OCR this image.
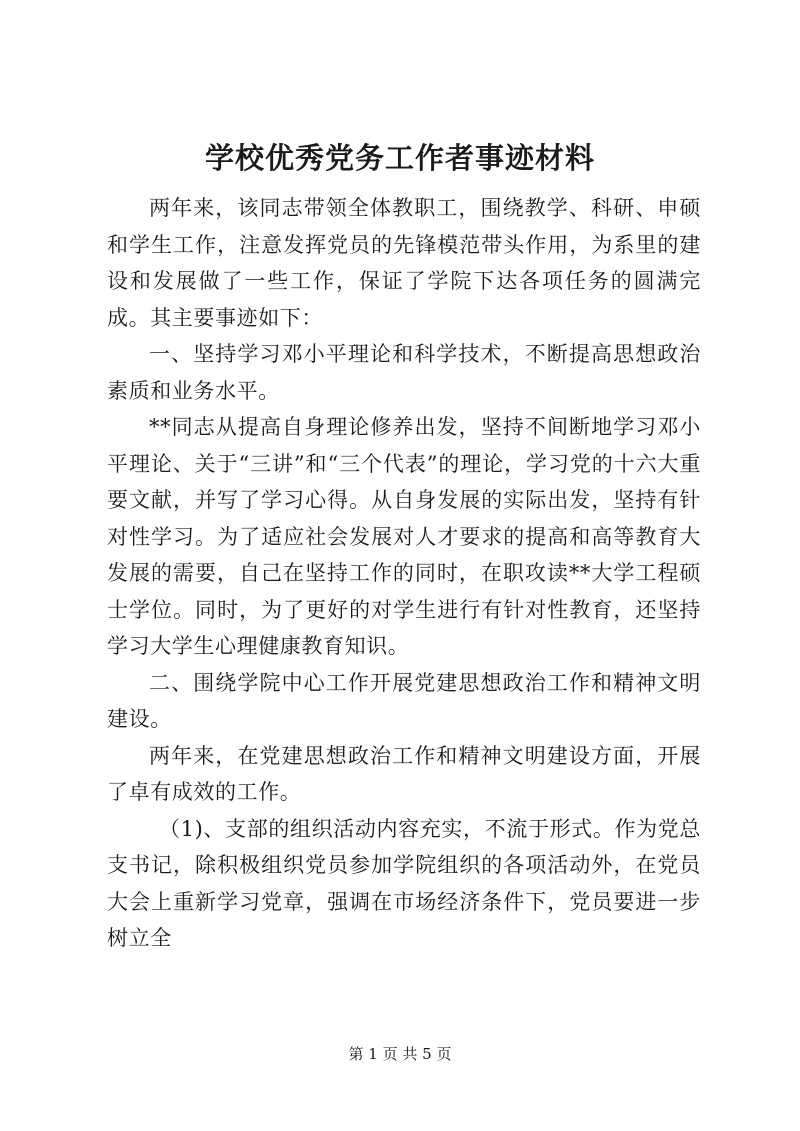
学校优秀党务工作者事迹材料

两年来，该同志带领全体教职工，围绕教学、科研、申硕和学生工作，注意发挥党员的先锋模范带头作用，为系里的建设和发展做了一些工作，保证了学院下达各项任务的圆满完成。其主要事迹如下：

一、坚持学习邓小平理论和科学技术，不断提高思想政治素质和业务水平。

**同志从提高自身理论修养出发，坚持不间断地学习邓小平理论、关于“三讲”和“三个代表”的理论，学习党的十六大重要文献，并写了学习心得。从自身发展的实际出发，坚持有针对性学习。为了适应社会发展对人才要求的提高和高等教育大发展的需要，自己在坚持工作的同时，在职攻读**大学工程硕士学位。同时，为了更好的对学生进行有针对性教育，还坚持学习大学生心理健康教育知识。

二、围绕学院中心工作开展党建思想政治工作和精神文明建设。

两年来，在党建思想政治工作和精神文明建设方面，开展了卓有成效的工作。

（1)、支部的组织活动内容充实，不流于形式。作为党总支书记，除积极组织党员参加学院组织的各项活动外，在党员大会上重新学习党章，强调在市场经济条件下，党员要进一步树立全

第 1 页 共 5 页
